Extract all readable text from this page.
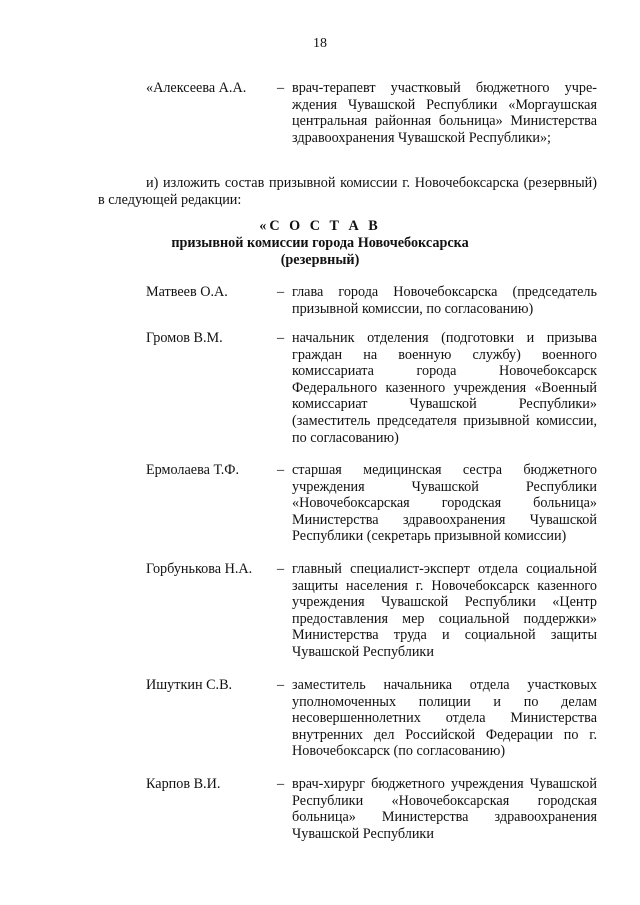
18
«Алексеева А.А. – врач-терапевт участковый бюджетного учреждения Чувашской Республики «Моргаушская центральная районная больница» Министерства здравоохранения Чувашской Республики»;
и) изложить состав призывной комиссии г. Новочебоксарска (резервный) в следующей редакции:
«С О С Т А В
призывной комиссии города Новочебоксарска
(резервный)
Матвеев О.А.	– глава города Новочебоксарска (председатель призывной комиссии, по согласованию)
Громов В.М.	– начальник отделения (подготовки и призыва граждан на военную службу) военного комиссариата города Новочебоксарск Федерального казенного учреждения «Военный комиссариат Чувашской Республики» (заместитель председателя призывной комиссии, по согласованию)
Ермолаева Т.Ф.	– старшая медицинская сестра бюджетного учреждения Чувашской Республики «Новочебоксарская городская больница» Министерства здравоохранения Чувашской Республики (секретарь призывной комиссии)
Горбунькова Н.А. – главный специалист-эксперт отдела социальной защиты населения г. Новочебоксарск казенного учреждения Чувашской Республики «Центр предоставления мер социальной поддержки» Министерства труда и социальной защиты Чувашской Республики
Ишуткин С.В.	– заместитель начальника отдела участковых уполномоченных полиции и по делам несовершеннолетних отдела Министерства внутренних дел Российской Федерации по г. Новочебоксарск (по согласованию)
Карпов В.И.	– врач-хирург бюджетного учреждения Чувашской Республики «Новочебоксарская городская больница» Министерства здравоохранения Чувашской Республики
